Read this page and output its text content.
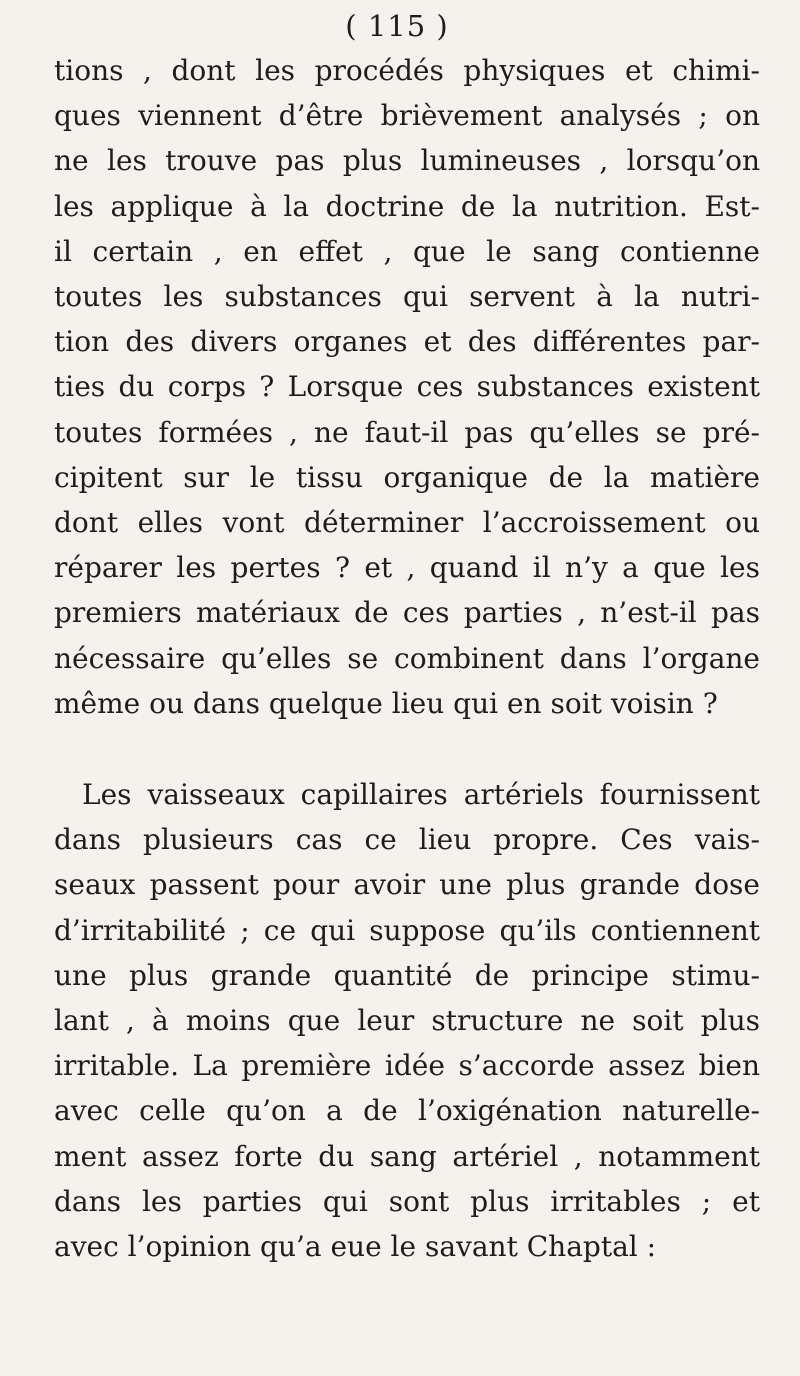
( 115 )
tions , dont les procédés physiques et chimi-
ques viennent d’être brièvement analysés ; on
ne les trouve pas plus lumineuses , lorsqu’on
les applique à la doctrine de la nutrition. Est-
il certain , en effet , que le sang contienne
toutes les substances qui servent à la nutri-
tion des divers organes et des différentes par-
ties du corps ? Lorsque ces substances existent
toutes formées , ne faut-il pas qu’elles se pré-
cipitent sur le tissu organique de la matière
dont elles vont déterminer l’accroissement ou
réparer les pertes ? et , quand il n’y a que les
premiers matériaux de ces parties , n’est-il pas
nécessaire qu’elles se combinent dans l’organe
même ou dans quelque lieu qui en soit voisin ?
Les vaisseaux capillaires artériels fournissent
dans plusieurs cas ce lieu propre. Ces vais-
seaux passent pour avoir une plus grande dose
d’irritabilité ; ce qui suppose qu’ils contiennent
une plus grande quantité de principe stimu-
lant , à moins que leur structure ne soit plus
irritable. La première idée s’accorde assez bien
avec celle qu’on a de l’oxigénation naturelle-
ment assez forte du sang artériel , notamment
dans les parties qui sont plus irritables ; et
avec l’opinion qu’a eue le savant Chaptal :
